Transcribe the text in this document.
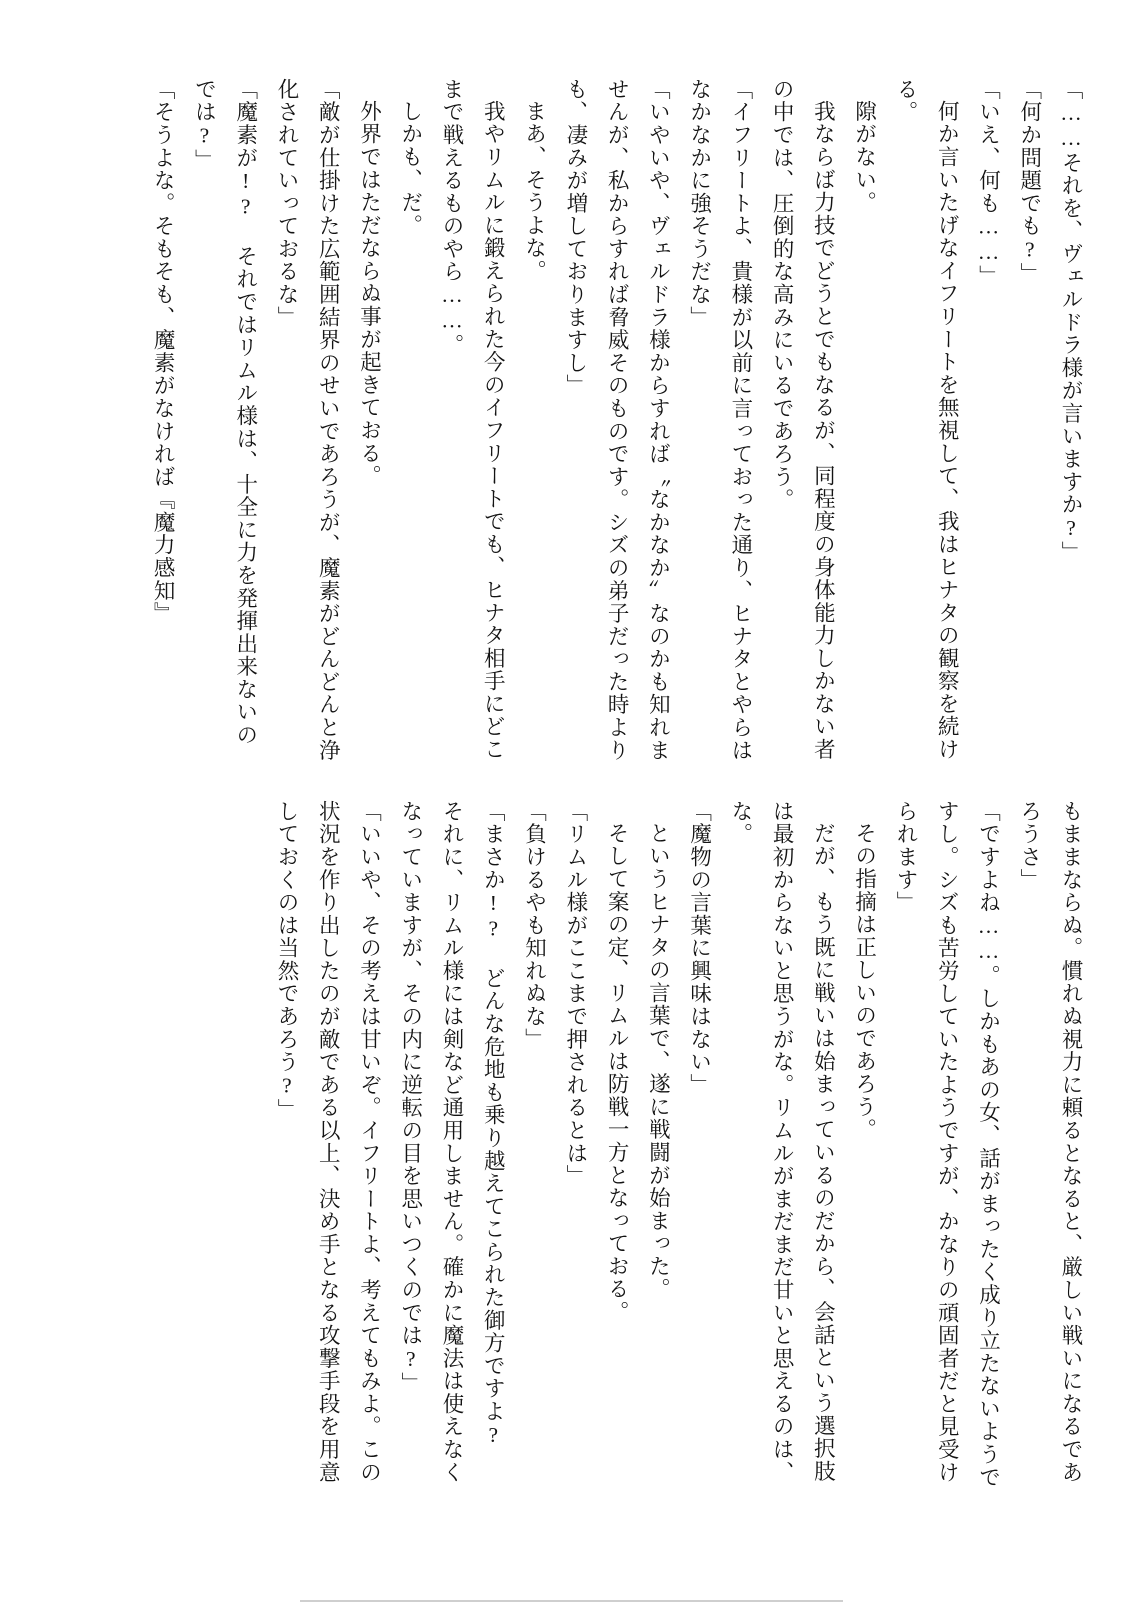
「……それを、ヴェルドラ様が言いますか?」

「何か問題でも?」

「いえ、何も……」

何か言いたげなイフリートを無視して、我はヒナタの観察を続ける。

隙がない。

我ならば力技でどうとでもなるが、同程度の身体能力しかない者の中では、圧倒的な高みにいるであろう。

「イフリートよ、貴様が以前に言っておった通り、ヒナタとやらはなかなかに強そうだな」

「いやいや、ヴェルドラ様からすれば〝なかなか〟なのかも知れませんが、私からすれば脅威そのものです。シズの弟子だった時よりも、凄みが増しておりますし」

まあ、そうよな。

我やリムルに鍛えられた今のイフリートでも、ヒナタ相手にどこまで戦えるものやら……。

しかも、だ。

外界ではただならぬ事が起きておる。

「敵が仕掛けた広範囲結界のせいであろうが、魔素がどんどんと浄化されていっておるな」

「魔素が!? それではリムル様は、十全に力を発揮出来ないのでは?」

「そうよな。そもそも、魔素がなければ『魔力感知』

もままならぬ。慣れぬ視力に頼るとなると、厳しい戦いになるであろうさ」

「ですよね……。しかもあの女、話がまったく成り立たないようですし。シズも苦労していたようですが、かなりの頑固者だと見受けられます」

その指摘は正しいのであろう。

だが、もう既に戦いは始まっているのだから、会話という選択肢は最初からないと思うがな。リムルがまだまだ甘いと思えるのは、な。

「魔物の言葉に興味はない」

というヒナタの言葉で、遂に戦闘が始まった。

そして案の定、リムルは防戦一方となっておる。

「リムル様がここまで押されるとは」

「負けるやも知れぬな」

「まさか!? どんな危地も乗り越えてこられた御方ですよ? それに、リムル様には剣など通用しません。確かに魔法は使えなくなっていますが、その内に逆転の目を思いつくのでは?」

「いいや、その考えは甘いぞ。イフリートよ、考えてもみよ。この状況を作り出したのが敵である以上、決め手となる攻撃手段を用意しておくのは当然であろう?」
